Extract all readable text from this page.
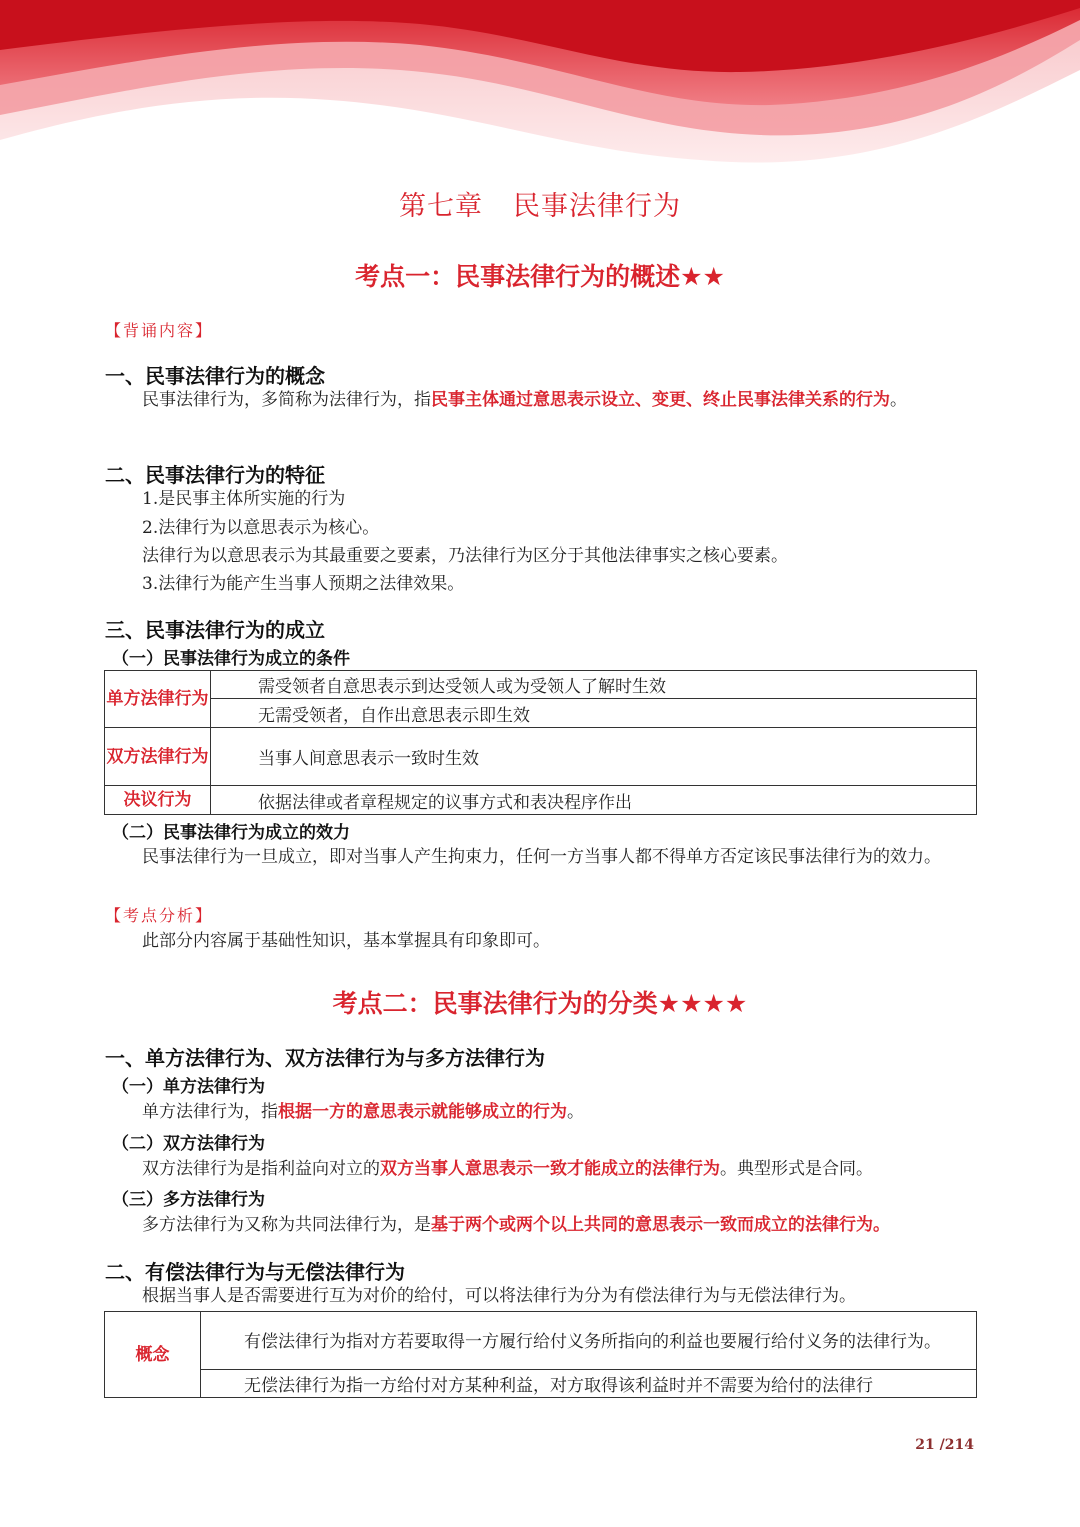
第七章 民事法律行为
考点一：民事法律行为的概述★★
【背诵内容】
一、民事法律行为的概念
民事法律行为，多简称为法律行为，指民事主体通过意思表示设立、变更、终止民事法律关系的行为。
二、民事法律行为的特征
1.是民事主体所实施的行为
2.法律行为以意思表示为核心。
法律行为以意思表示为其最重要之要素，乃法律行为区分于其他法律事实之核心要素。
3.法律行为能产生当事人预期之法律效果。
三、民事法律行为的成立
（一）民事法律行为成立的条件
单方法律行为	需受领者自意思表示到达受领人或为受领人了解时生效
	无需受领者，自作出意思表示即生效
双方法律行为	当事人间意思表示一致时生效
决议行为	依据法律或者章程规定的议事方式和表决程序作出
（二）民事法律行为成立的效力
民事法律行为一旦成立，即对当事人产生拘束力，任何一方当事人都不得单方否定该民事法律行为的效力。
【考点分析】
此部分内容属于基础性知识，基本掌握具有印象即可。
考点二：民事法律行为的分类★★★★
一、单方法律行为、双方法律行为与多方法律行为
（一）单方法律行为
单方法律行为，指根据一方的意思表示就能够成立的行为。
（二）双方法律行为
双方法律行为是指利益向对立的双方当事人意思表示一致才能成立的法律行为。典型形式是合同。
（三）多方法律行为
多方法律行为又称为共同法律行为，是基于两个或两个以上共同的意思表示一致而成立的法律行为。
二、有偿法律行为与无偿法律行为
根据当事人是否需要进行互为对价的给付，可以将法律行为分为有偿法律行为与无偿法律行为。
概念	有偿法律行为指对方若要取得一方履行给付义务所指向的利益也要履行给付义务的法律行为。
无偿法律行为指一方给付对方某种利益，对方取得该利益时并不需要为给付的法律行
21 /214
